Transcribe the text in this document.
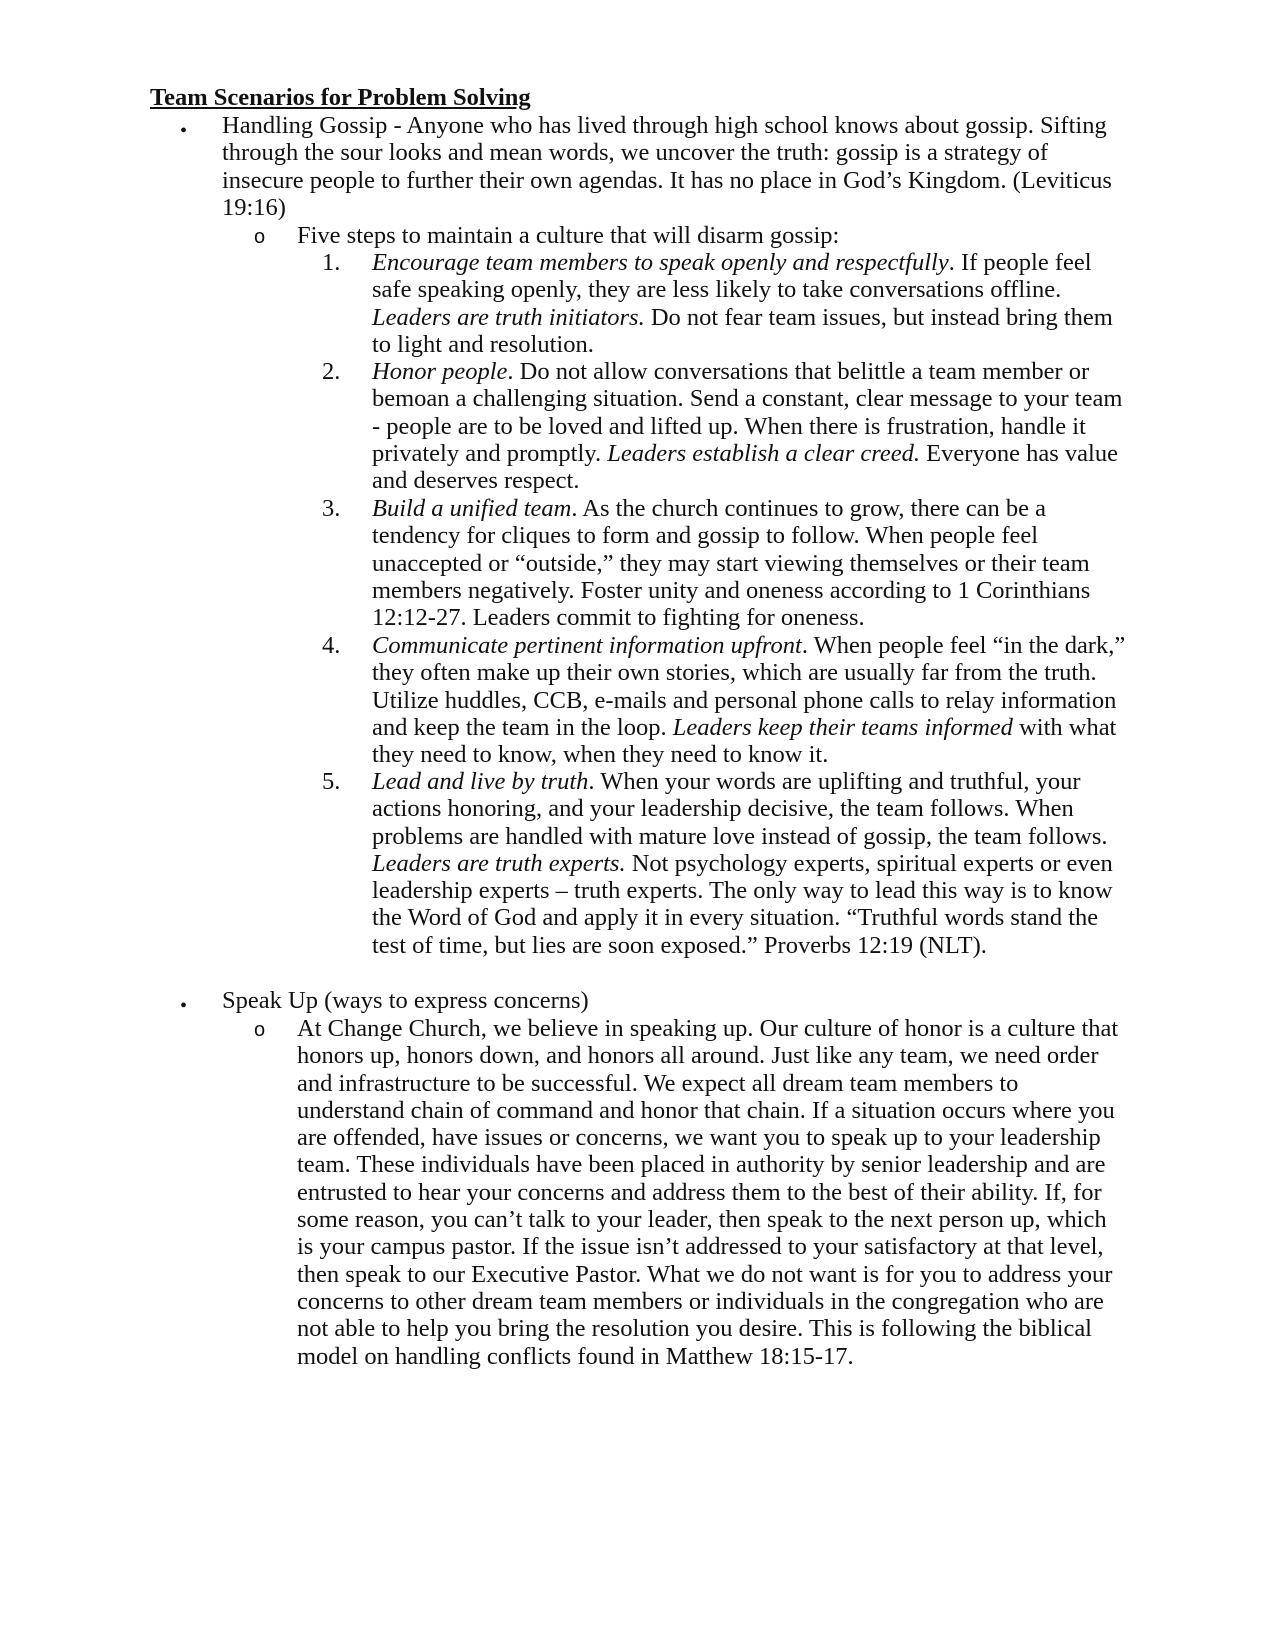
Team Scenarios for Problem Solving
• Handling Gossip - Anyone who has lived through high school knows about gossip. Sifting through the sour looks and mean words, we uncover the truth: gossip is a strategy of insecure people to further their own agendas. It has no place in God’s Kingdom. (Leviticus 19:16)

o Five steps to maintain a culture that will disarm gossip:

1. Encourage team members to speak openly and respectfully. If people feel safe speaking openly, they are less likely to take conversations offline. Leaders are truth initiators. Do not fear team issues, but instead bring them to light and resolution.

2. Honor people. Do not allow conversations that belittle a team member or bemoan a challenging situation. Send a constant, clear message to your team - people are to be loved and lifted up. When there is frustration, handle it privately and promptly. Leaders establish a clear creed. Everyone has value and deserves respect.

3. Build a unified team. As the church continues to grow, there can be a tendency for cliques to form and gossip to follow. When people feel unaccepted or “outside,” they may start viewing themselves or their team members negatively. Foster unity and oneness according to 1 Corinthians 12:12-27. Leaders commit to fighting for oneness.

4. Communicate pertinent information upfront. When people feel “in the dark,” they often make up their own stories, which are usually far from the truth. Utilize huddles, CCB, e-mails and personal phone calls to relay information and keep the team in the loop. Leaders keep their teams informed with what they need to know, when they need to know it.

5. Lead and live by truth. When your words are uplifting and truthful, your actions honoring, and your leadership decisive, the team follows. When problems are handled with mature love instead of gossip, the team follows. Leaders are truth experts. Not psychology experts, spiritual experts or even leadership experts – truth experts. The only way to lead this way is to know the Word of God and apply it in every situation. “Truthful words stand the test of time, but lies are soon exposed.” Proverbs 12:19 (NLT).

• Speak Up (ways to express concerns)

o At Change Church, we believe in speaking up. Our culture of honor is a culture that honors up, honors down, and honors all around. Just like any team, we need order and infrastructure to be successful. We expect all dream team members to understand chain of command and honor that chain. If a situation occurs where you are offended, have issues or concerns, we want you to speak up to your leadership team. These individuals have been placed in authority by senior leadership and are entrusted to hear your concerns and address them to the best of their ability. If, for some reason, you can’t talk to your leader, then speak to the next person up, which is your campus pastor. If the issue isn’t addressed to your satisfactory at that level, then speak to our Executive Pastor. What we do not want is for you to address your concerns to other dream team members or individuals in the congregation who are not able to help you bring the resolution you desire. This is following the biblical model on handling conflicts found in Matthew 18:15-17.
